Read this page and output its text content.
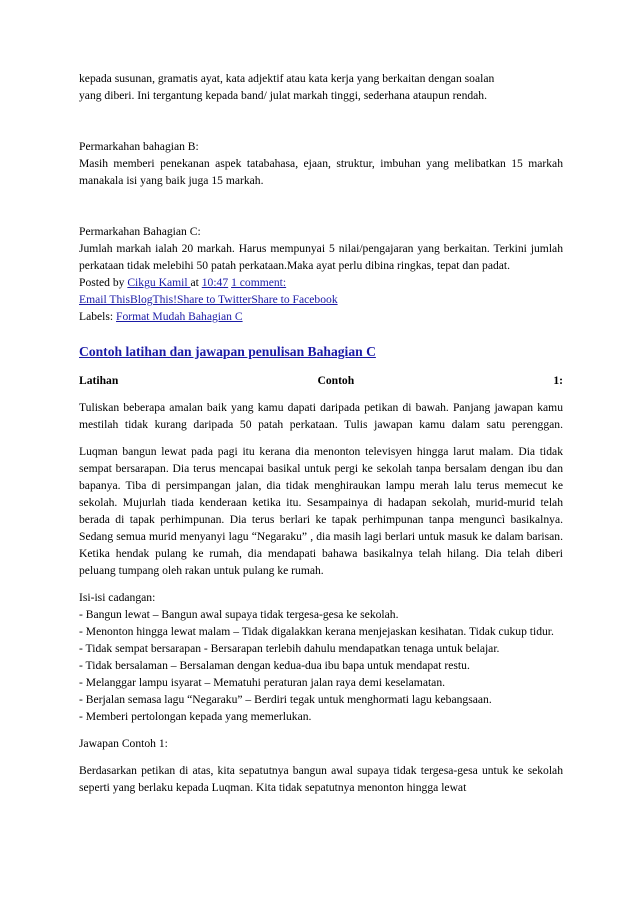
kepada susunan, gramatis ayat, kata adjektif atau kata kerja yang berkaitan dengan soalan

yang diberi. Ini tergantung kepada band/ julat markah tinggi, sederhana ataupun rendah.

Permarkahan bahagian B:

Masih memberi penekanan aspek tatabahasa, ejaan, struktur, imbuhan yang melibatkan 15 markah manakala isi yang baik juga 15 markah.

Permarkahan Bahagian C:

Jumlah markah ialah 20 markah. Harus mempunyai 5 nilai/pengajaran yang berkaitan. Terkini jumlah perkataan tidak melebihi 50 patah perkataan.Maka ayat perlu dibina ringkas, tepat dan padat.

Posted by Cikgu Kamil at 10:47 1 comment:

Email ThisBlogThis!Share to TwitterShare to Facebook

Labels: Format Mudah Bahagian C

Contoh latihan dan jawapan penulisan Bahagian C

Latihan	Contoh	1:

Tuliskan beberapa amalan baik yang kamu dapati daripada petikan di bawah. Panjang jawapan kamu mestilah tidak kurang daripada 50 patah perkataan. Tulis jawapan kamu dalam satu perenggan.

Luqman bangun lewat pada pagi itu kerana dia menonton televisyen hingga larut malam. Dia tidak sempat bersarapan. Dia terus mencapai basikal untuk pergi ke sekolah tanpa bersalam dengan ibu dan bapanya. Tiba di persimpangan jalan, dia tidak menghiraukan lampu merah lalu terus memecut ke sekolah. Mujurlah tiada kenderaan ketika itu. Sesampainya di hadapan sekolah, murid-murid telah berada di tapak perhimpunan. Dia terus berlari ke tapak perhimpunan tanpa menguncì basikalnya. Sedang semua murid menyanyi lagu “Negaraku” , dia masih lagi berlari untuk masuk ke dalam barisan. Ketika hendak pulang ke rumah, dia mendapati bahawa basikalnya telah hilang. Dia telah diberi peluang tumpang oleh rakan untuk pulang ke rumah.

Isi-isi cadangan:

- Bangun lewat – Bangun awal supaya tidak tergesa-gesa ke sekolah.
- Menonton hingga lewat malam – Tidak digalakkan kerana menjejaskan kesihatan. Tidak cukup tidur.
- Tidak sempat bersarapan - Bersarapan terlebih dahulu mendapatkan tenaga untuk belajar.
- Tidak bersalaman – Bersalaman dengan kedua-dua ibu bapa untuk mendapat restu.
- Melanggar lampu isyarat – Mematuhi peraturan jalan raya demi keselamatan.
- Berjalan semasa lagu “Negaraku” – Berdiri tegak untuk menghormati lagu kebangsaan.
- Memberi pertolongan kepada yang memerlukan.

Jawapan Contoh 1:

Berdasarkan petikan di atas, kita sepatutnya bangun awal supaya tidak tergesa-gesa untuk ke sekolah seperti yang berlaku kepada Luqman. Kita tidak sepatutnya menonton hingga lewat
